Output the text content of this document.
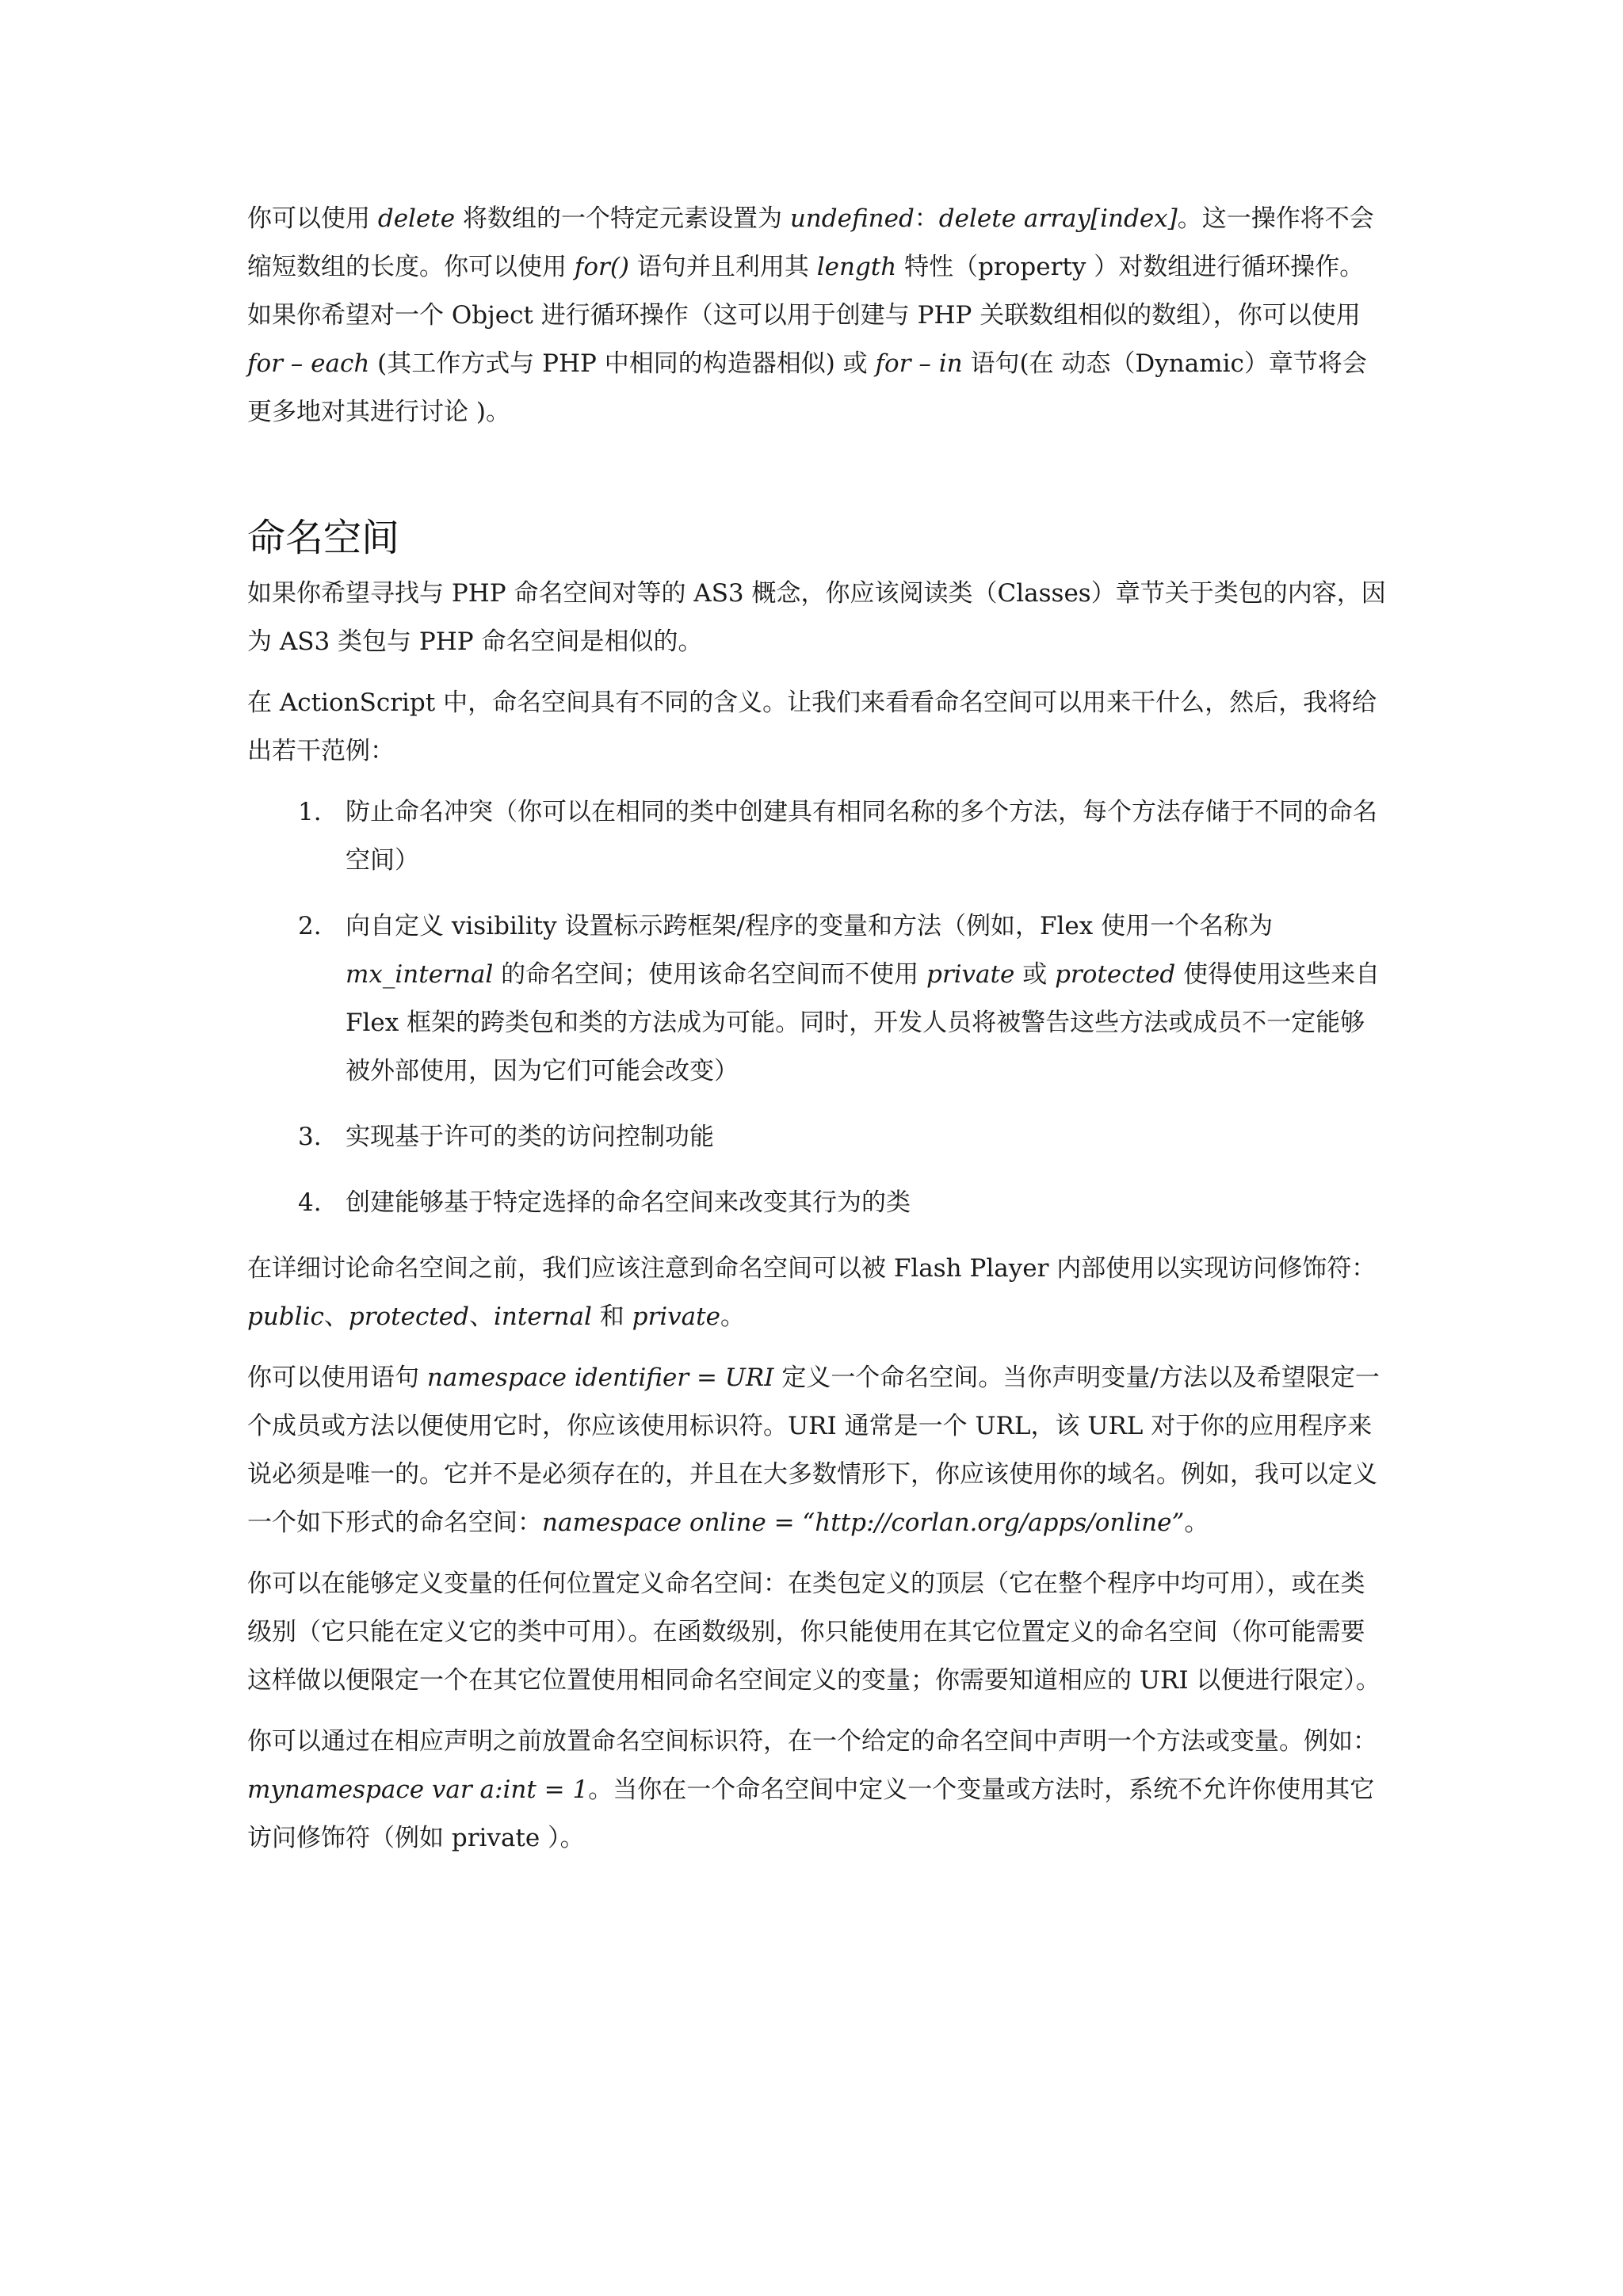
你可以使用 delete 将数组的一个特定元素设置为 undefined：delete array[index]。这一操作将不会缩短数组的长度。你可以使用 for() 语句并且利用其 length 特性（property ）对数组进行循环操作。如果你希望对一个 Object 进行循环操作（这可以用于创建与 PHP 关联数组相似的数组），你可以使用 for – each (其工作方式与 PHP 中相同的构造器相似) 或 for – in 语句(在 动态（Dynamic）章节将会更多地对其进行讨论 )。

命名空间

如果你希望寻找与 PHP 命名空间对等的 AS3 概念，你应该阅读类（Classes）章节关于类包的内容，因为 AS3 类包与 PHP 命名空间是相似的。

在 ActionScript 中，命名空间具有不同的含义。让我们来看看命名空间可以用来干什么，然后，我将给出若干范例：

1. 防止命名冲突（你可以在相同的类中创建具有相同名称的多个方法，每个方法存储于不同的命名空间）
2. 向自定义 visibility 设置标示跨框架/程序的变量和方法（例如，Flex 使用一个名称为 mx_internal 的命名空间；使用该命名空间而不使用 private 或 protected 使得使用这些来自 Flex 框架的跨类包和类的方法成为可能。同时，开发人员将被警告这些方法或成员不一定能够被外部使用，因为它们可能会改变）
3. 实现基于许可的类的访问控制功能
4. 创建能够基于特定选择的命名空间来改变其行为的类

在详细讨论命名空间之前，我们应该注意到命名空间可以被 Flash Player 内部使用以实现访问修饰符：public、protected、internal 和 private。

你可以使用语句 namespace identifier = URI 定义一个命名空间。当你声明变量/方法以及希望限定一个成员或方法以便使用它时，你应该使用标识符。URI 通常是一个 URL，该 URL 对于你的应用程序来说必须是唯一的。它并不是必须存在的，并且在大多数情形下，你应该使用你的域名。例如，我可以定义一个如下形式的命名空间：namespace online = “http://corlan.org/apps/online”。

你可以在能够定义变量的任何位置定义命名空间：在类包定义的顶层（它在整个程序中均可用），或在类级别（它只能在定义它的类中可用）。在函数级别，你只能使用在其它位置定义的命名空间（你可能需要这样做以便限定一个在其它位置使用相同命名空间定义的变量；你需要知道相应的 URI 以便进行限定）。

你可以通过在相应声明之前放置命名空间标识符，在一个给定的命名空间中声明一个方法或变量。例如：mynamespace var a:int = 1。当你在一个命名空间中定义一个变量或方法时，系统不允许你使用其它访问修饰符（例如 private ）。
